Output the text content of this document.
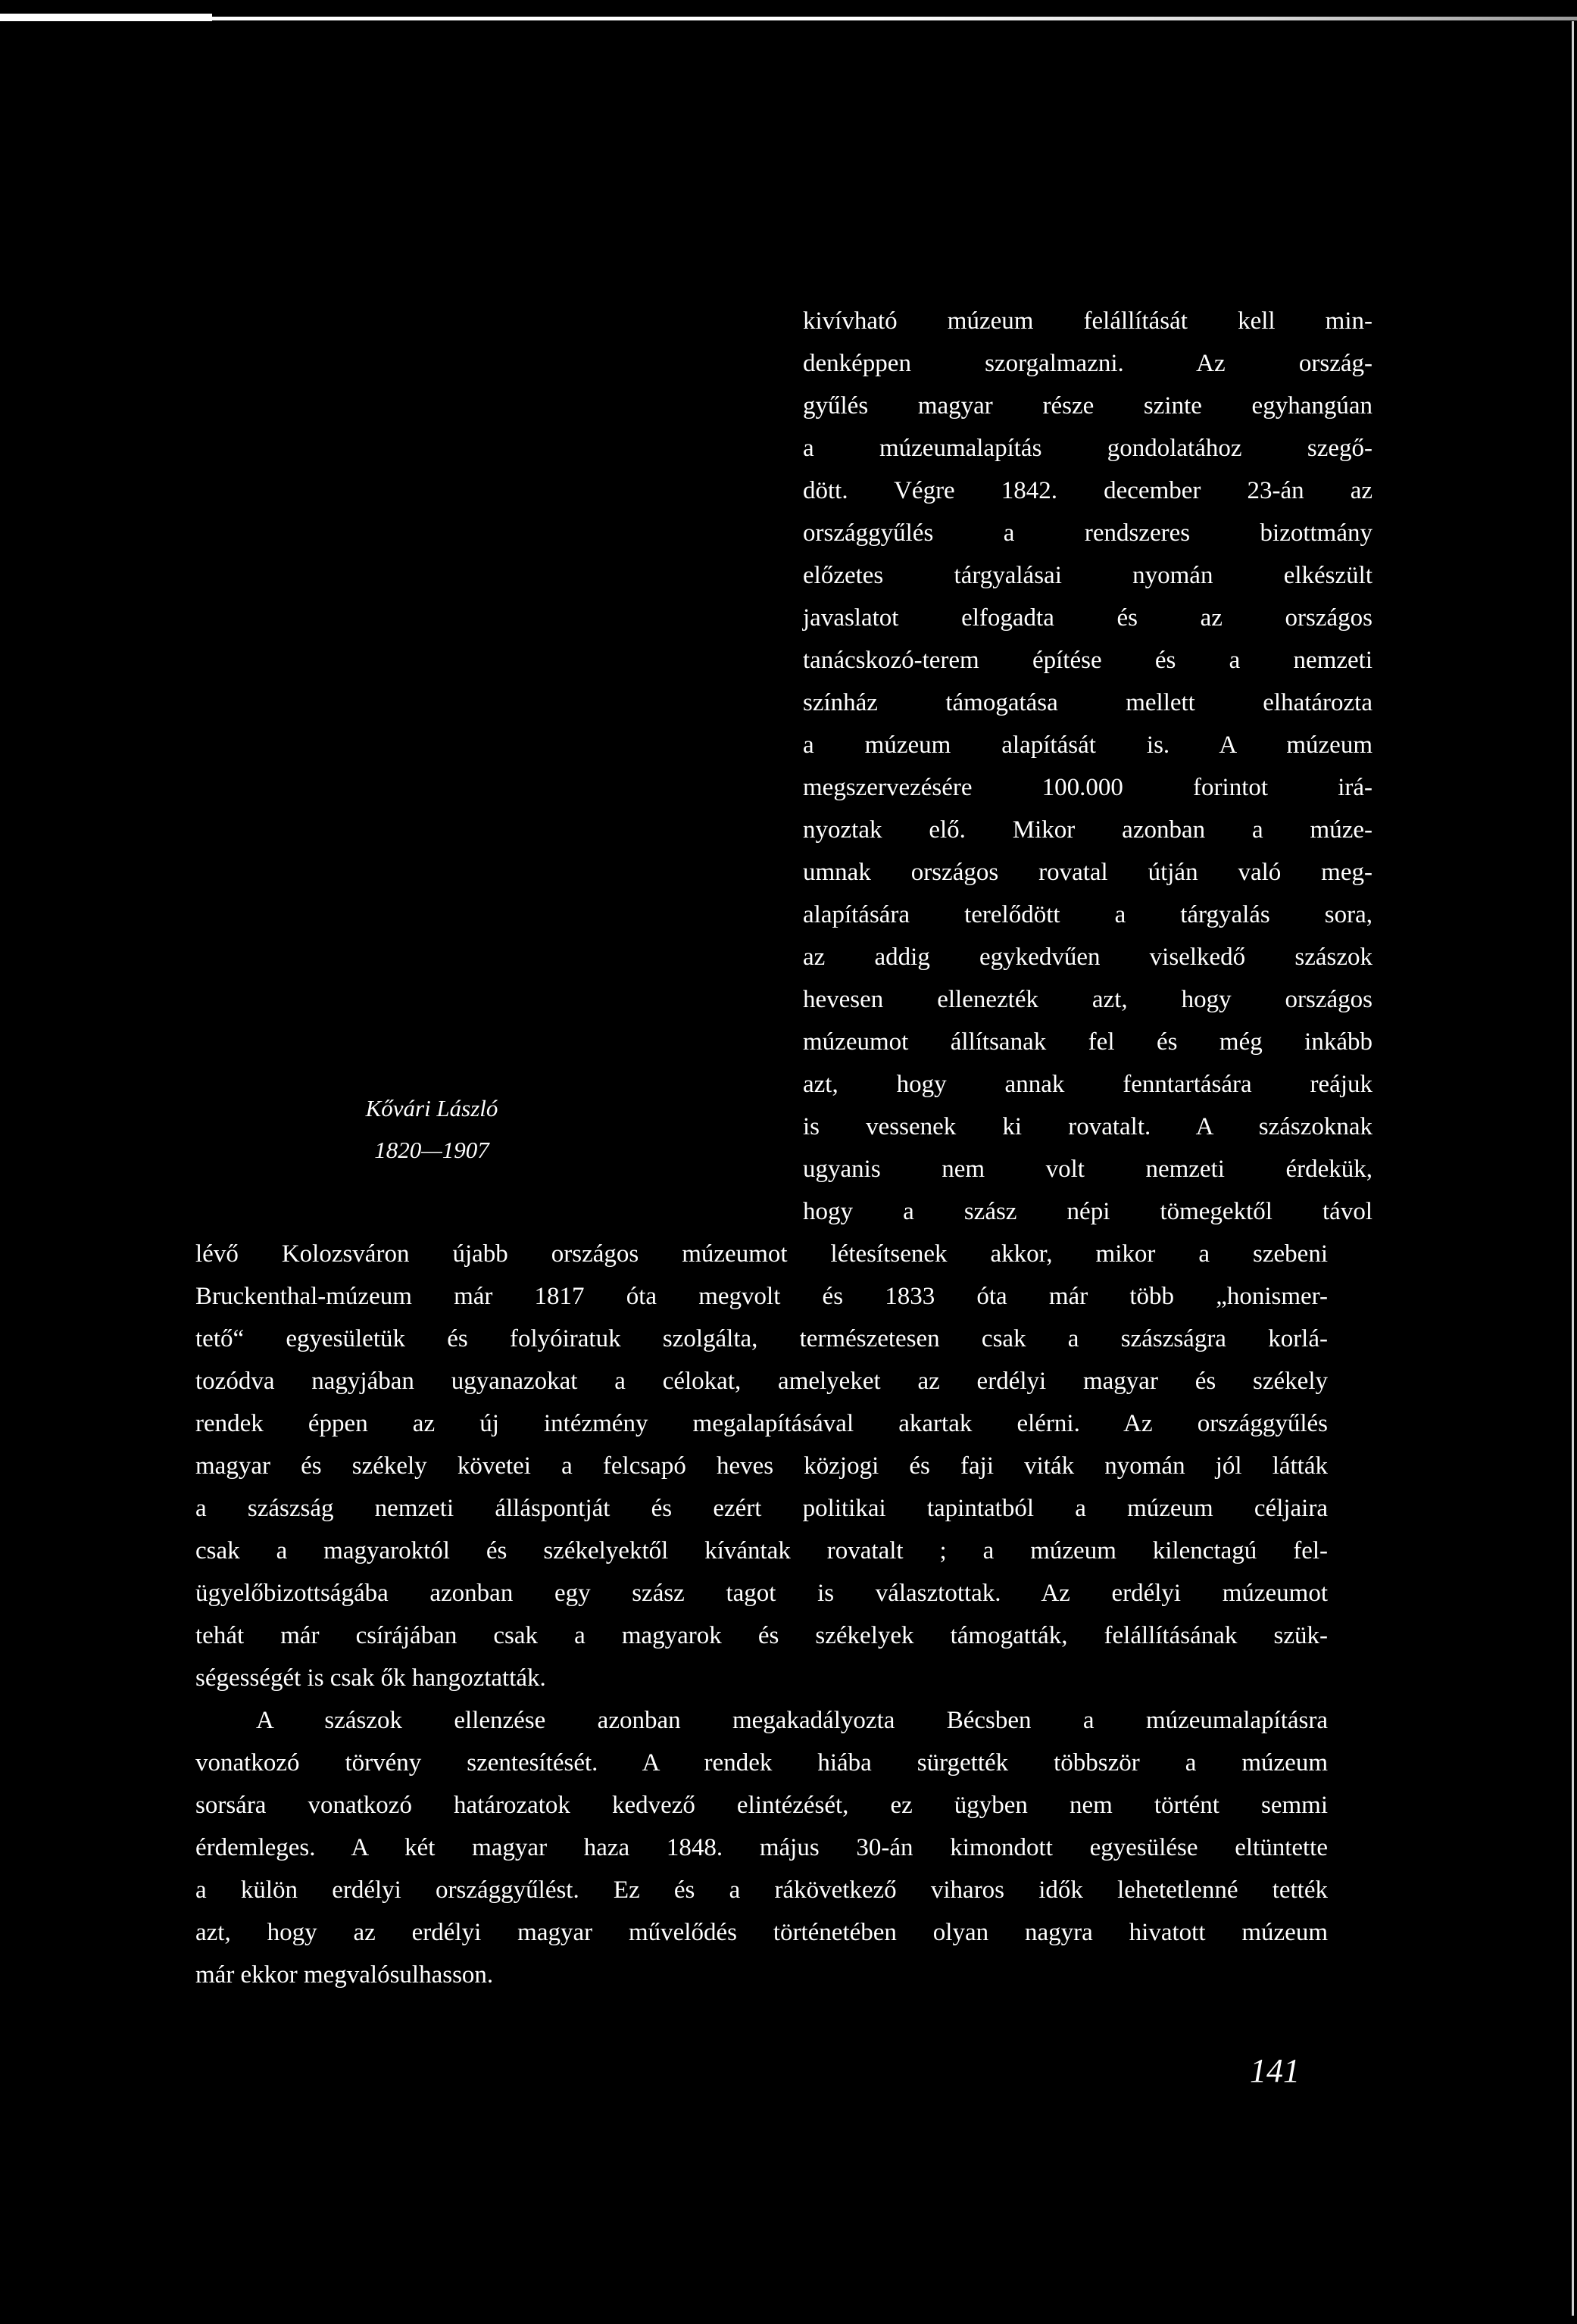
kivívható múzeum felállítását kell min-
denképpen szorgalmazni. Az ország-
gyűlés magyar része szinte egyhangúan
a múzeumalapítás gondolatához szegő-
dött. Végre 1842. december 23-án az
országgyűlés a rendszeres bizottmány
előzetes tárgyalásai nyomán elkészült
javaslatot elfogadta és az országos
tanácskozó-terem építése és a nemzeti
színház támogatása mellett elhatározta
a múzeum alapítását is. A múzeum
megszervezésére 100.000 forintot irá-
nyoztak elő. Mikor azonban a múze-
umnak országos rovatal útján való meg-
alapítására terelődött a tárgyalás sora,
az addig egykedvűen viselkedő szászok
hevesen ellenezték azt, hogy országos
múzeumot állítsanak fel és még inkább
azt, hogy annak fenntartására reájuk
is vessenek ki rovatalt. A szászoknak
ugyanis nem volt nemzeti érdekük,
hogy a szász népi tömegektől távol
Kővári László
1820—1907
lévő Kolozsváron újabb országos múzeumot létesítsenek akkor, mikor a szebeni
Bruckenthal-múzeum már 1817 óta megvolt és 1833 óta már több „honismer-
tető“ egyesületük és folyóiratuk szolgálta, természetesen csak a szászságra korlá-
tozódva nagyjában ugyanazokat a célokat, amelyeket az erdélyi magyar és székely
rendek éppen az új intézmény megalapításával akartak elérni. Az országgyűlés
magyar és székely követei a felcsapó heves közjogi és faji viták nyomán jól látták
a szászság nemzeti álláspontját és ezért politikai tapintatból a múzeum céljaira
csak a magyaroktól és székelyektől kívántak rovatalt ; a múzeum kilenctagú fel-
ügyelőbizottságába azonban egy szász tagot is választottak. Az erdélyi múzeumot
tehát már csírájában csak a magyarok és székelyek támogatták, felállításának szük-
ségességét is csak ők hangoztatták.
A szászok ellenzése azonban megakadályozta Bécsben a múzeumalapításra
vonatkozó törvény szentesítését. A rendek hiába sürgették többször a múzeum
sorsára vonatkozó határozatok kedvező elintézését, ez ügyben nem történt semmi
érdemleges. A két magyar haza 1848. május 30-án kimondott egyesülése eltüntette
a külön erdélyi országgyűlést. Ez és a rákövetkező viharos idők lehetetlenné tették
azt, hogy az erdélyi magyar művelődés történetében olyan nagyra hivatott múzeum
már ekkor megvalósulhasson.
141
